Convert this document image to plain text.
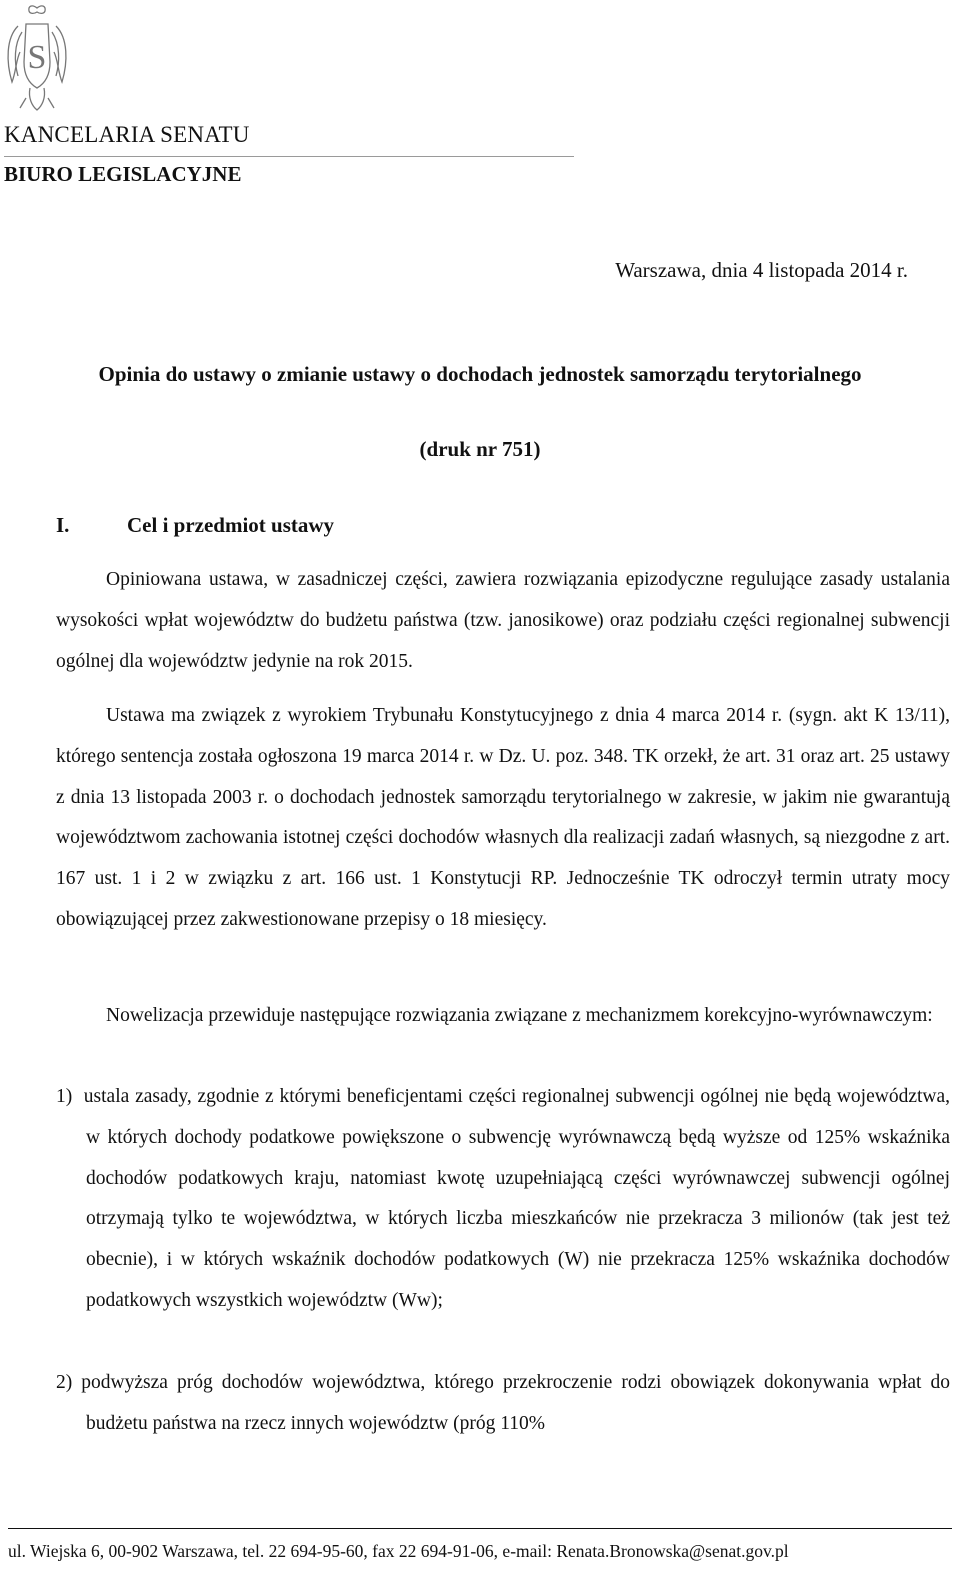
S
KANCELARIA SENATU
BIURO LEGISLACYJNE
Warszawa, dnia 4 listopada 2014 r.
Opinia do ustawy o zmianie ustawy o dochodach jednostek samorządu terytorialnego
(druk nr 751)
I.	Cel i przedmiot ustawy
Opiniowana ustawa, w zasadniczej części, zawiera rozwiązania epizodyczne regulujące zasady ustalania wysokości wpłat województw do budżetu państwa (tzw. janosikowe) oraz podziału części regionalnej subwencji ogólnej dla województw jedynie na rok 2015.
Ustawa ma związek z wyrokiem Trybunału Konstytucyjnego z dnia 4 marca 2014 r. (sygn. akt K 13/11), którego sentencja została ogłoszona 19 marca 2014 r. w Dz. U. poz. 348. TK orzekł, że art. 31 oraz art. 25 ustawy z dnia 13 listopada 2003 r. o dochodach jednostek samorządu terytorialnego w zakresie, w jakim nie gwarantują województwom zachowania istotnej części dochodów własnych dla realizacji zadań własnych, są niezgodne z art. 167 ust. 1 i 2 w związku z art. 166 ust. 1 Konstytucji RP. Jednocześnie TK odroczył termin utraty mocy obowiązującej przez zakwestionowane przepisy o 18 miesięcy.
Nowelizacja przewiduje następujące rozwiązania związane z mechanizmem korekcyjno-wyrównawczym:
1)  ustala zasady, zgodnie z którymi beneficjentami części regionalnej subwencji ogólnej nie będą województwa, w których dochody podatkowe powiększone o subwencję wyrównawczą będą wyższe od 125% wskaźnika dochodów podatkowych kraju, natomiast kwotę uzupełniającą części wyrównawczej subwencji ogólnej otrzymają tylko te województwa, w których liczba mieszkańców nie przekracza 3 milionów (tak jest też obecnie), i w których wskaźnik dochodów podatkowych (W) nie przekracza 125% wskaźnika dochodów podatkowych wszystkich województw (Ww);
2) podwyższa próg dochodów województwa, którego przekroczenie rodzi obowiązek dokonywania wpłat do budżetu państwa na rzecz innych województw (próg 110%
ul. Wiejska 6, 00-902 Warszawa, tel. 22 694-95-60, fax 22 694-91-06, e-mail: Renata.Bronowska@senat.gov.pl
